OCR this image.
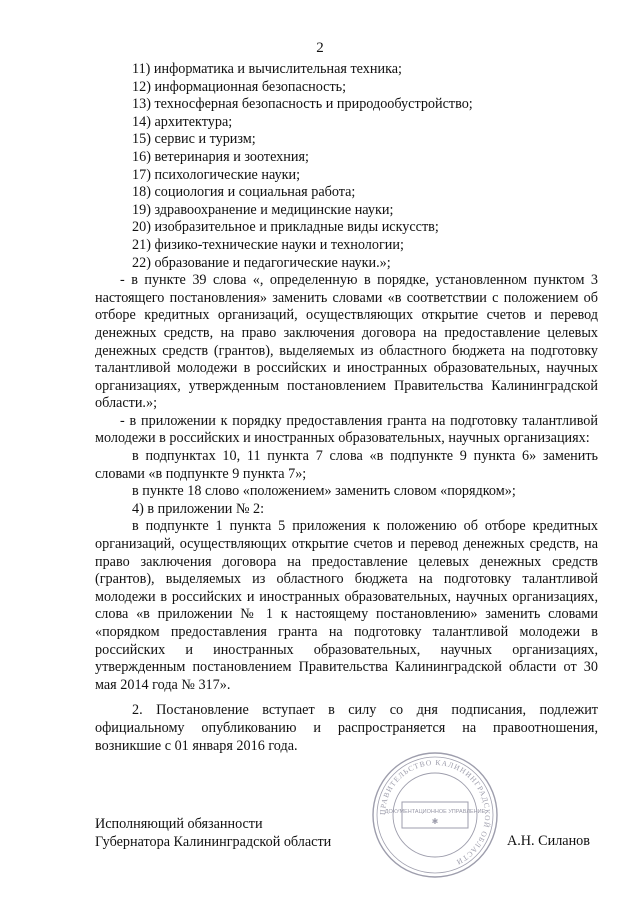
2
11) информатика и вычислительная техника;
12) информационная безопасность;
13) техносферная безопасность и природообустройство;
14) архитектура;
15) сервис и туризм;
16) ветеринария и зоотехния;
17) психологические науки;
18) социология и социальная работа;
19) здравоохранение и медицинские науки;
20) изобразительное и прикладные виды искусств;
21) физико-технические науки и технологии;
22) образование и педагогические науки.»;
- в пункте 39 слова «, определенную в порядке, установленном пунктом 3 настоящего постановления» заменить словами «в соответствии с положением об отборе кредитных организаций, осуществляющих открытие счетов и перевод денежных средств, на право заключения договора на предоставление целевых денежных средств (грантов), выделяемых из областного бюджета на подготовку талантливой молодежи в российских и иностранных образовательных, научных организациях, утвержденным постановлением Правительства Калининградской области.»;
- в приложении к порядку предоставления гранта на подготовку талантливой молодежи в российских и иностранных образовательных, научных организациях:
в подпунктах 10, 11 пункта 7 слова «в подпункте 9 пункта 6» заменить словами «в подпункте 9 пункта 7»;
в пункте 18 слово «положением» заменить словом «порядком»;
4) в приложении № 2:
в подпункте 1 пункта 5 приложения к положению об отборе кредитных организаций, осуществляющих открытие счетов и перевод денежных средств, на право заключения договора на предоставление целевых денежных средств (грантов), выделяемых из областного бюджета на подготовку талантливой молодежи в российских и иностранных образовательных, научных организациях, слова «в приложении № 1 к настоящему постановлению» заменить словами «порядком предоставления гранта на подготовку талантливой молодежи в российских и иностранных образовательных, научных организациях, утвержденным постановлением Правительства Калининградской области от 30 мая 2014 года № 317».
2. Постановление вступает в силу со дня подписания, подлежит официальному опубликованию и распространяется на правоотношения, возникшие с 01 января 2016 года.
Исполняющий обязанности
Губернатора Калининградской области	А.Н. Силанов
ПРАВИТЕЛЬСТВО КАЛИНИНГРАДСКОЙ ОБЛАСТИ
ДОКУМЕНТАЦИОННОЕ УПРАВЛЕНИЕ
✱
